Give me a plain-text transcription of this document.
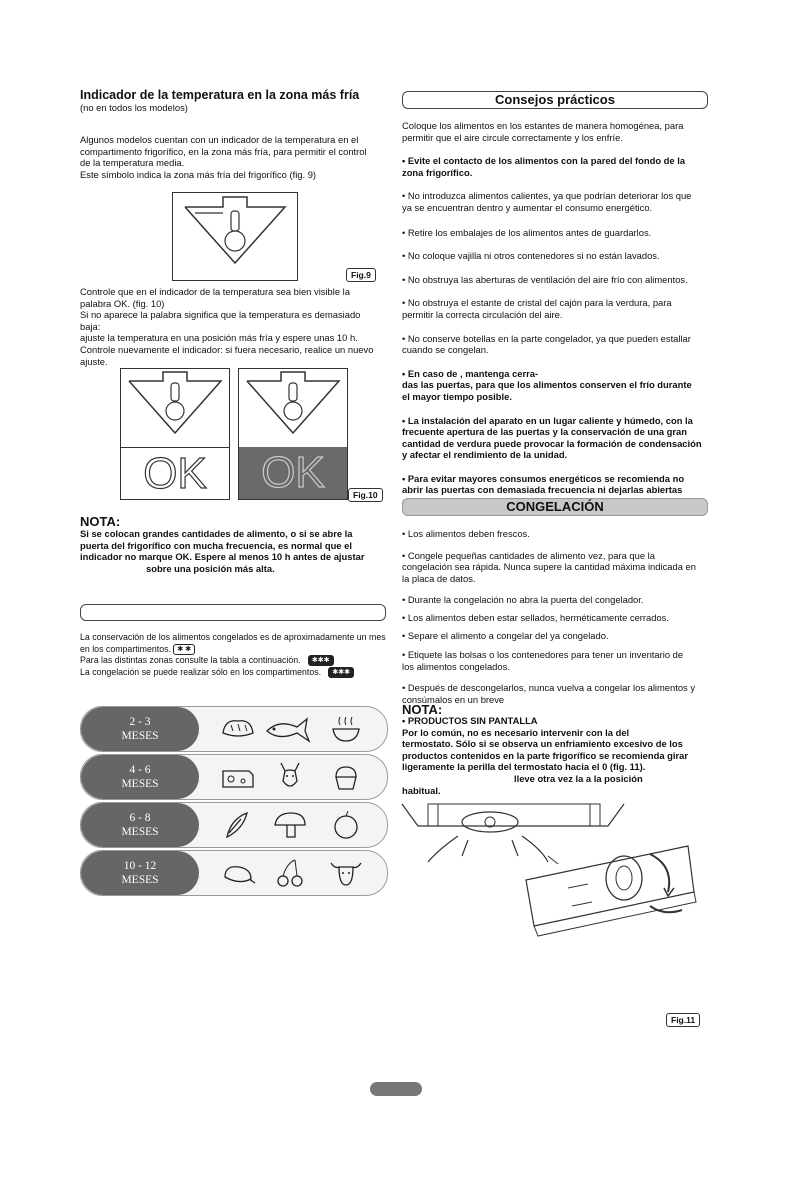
Indicador de la temperatura en la zona más fría
(no en todos los modelos)

Algunos modelos cuentan con un indicador de la temperatura en el

compartimento frigorífico, en la zona más fría, para permitir el control

de la temperatura media.

Este símbolo indica la zona más fría del frigorífico (fig. 9)

Fig.9

Controle que en el indicador de la temperatura sea bien visible la

palabra OK. (fig. 10)

Si no aparece la palabra significa que la temperatura es demasiado

baja:

ajuste la temperatura en una posición más fría y espere unas 10 h.

Controle nuevamente el indicador: si fuera necesario, realice un nuevo

ajuste.

OK	OK	Fig.10
NOTA:

Si se colocan grandes cantidades de alimento, o si se abre la

puerta del frigorífico con mucha frecuencia, es normal que el

indicador no marque OK. Espere al menos 10 h antes de ajustar

sobre una posición más alta.

La conservación de los alimentos congelados es de aproximadamente un mes

en los compartimentos. ✱ ✱

Para las distintas zonas consulte la tabla a continuación. ✱✱✱

La congelación se puede realizar sólo en los compartimentos. ✱✱✱

2 - 3
MESES
4 - 6
MESES
6 - 8
MESES
10 - 12
MESES
Consejos prácticos

Coloque los alimentos en los estantes de manera homogénea, para

permitir que el aire circule correctamente y los enfríe.

• Evite el contacto de los alimentos con la pared del fondo de la

zona frigorífico.

• No introduzca alimentos calientes, ya que podrían deteriorar los que

ya se encuentran dentro y aumentar el consumo energético.

• Retire los embalajes de los alimentos antes de guardarlos.

• No coloque vajilla ni otros contenedores si no están lavados.

• No obstruya las aberturas de ventilación del aire frío con alimentos.

• No obstruya el estante de cristal del cajón para la verdura, para

permitir la correcta circulación del aire.

• No conserve botellas en la parte congelador, ya que pueden estallar

cuando se congelan.

• En caso de , mantenga cerra-

das las puertas, para que los alimentos conserven el frío durante

el mayor tiempo posible.

• La instalación del aparato en un lugar caliente y húmedo, con la

frecuente apertura de las puertas y la conservación de una gran

cantidad de verdura puede provocar la formación de condensación

y afectar el rendimiento de la unidad.

• Para evitar mayores consumos energéticos se recomienda no

abrir las puertas con demasiada frecuencia ni dejarlas abiertas

CONGELACIÓN

• Los alimentos deben frescos.

• Congele pequeñas cantidades de alimento vez, para que la

congelación sea rápida. Nunca supere la cantidad máxima indicada en

la placa de datos.

• Durante la congelación no abra la puerta del congelador.

• Los alimentos deben estar sellados, herméticamente cerrados.

• Separe el alimento a congelar del ya congelado.

• Etiquete las bolsas o los contenedores para tener un inventario de

los alimentos congelados.

• Después de descongelarlos, nunca vuelva a congelar los alimentos y

consúmalos en un breve

NOTA:

• PRODUCTOS SIN PANTALLA

Por lo común, no es necesario intervenir con la del

termostato. Sólo si se observa un enfriamiento excesivo de los

productos contenidos en la parte frigorífico se recomienda girar

ligeramente la perilla del termostato hacia el 0 (fig. 11).

lleve otra vez la a la posición

habitual.

Fig.11
